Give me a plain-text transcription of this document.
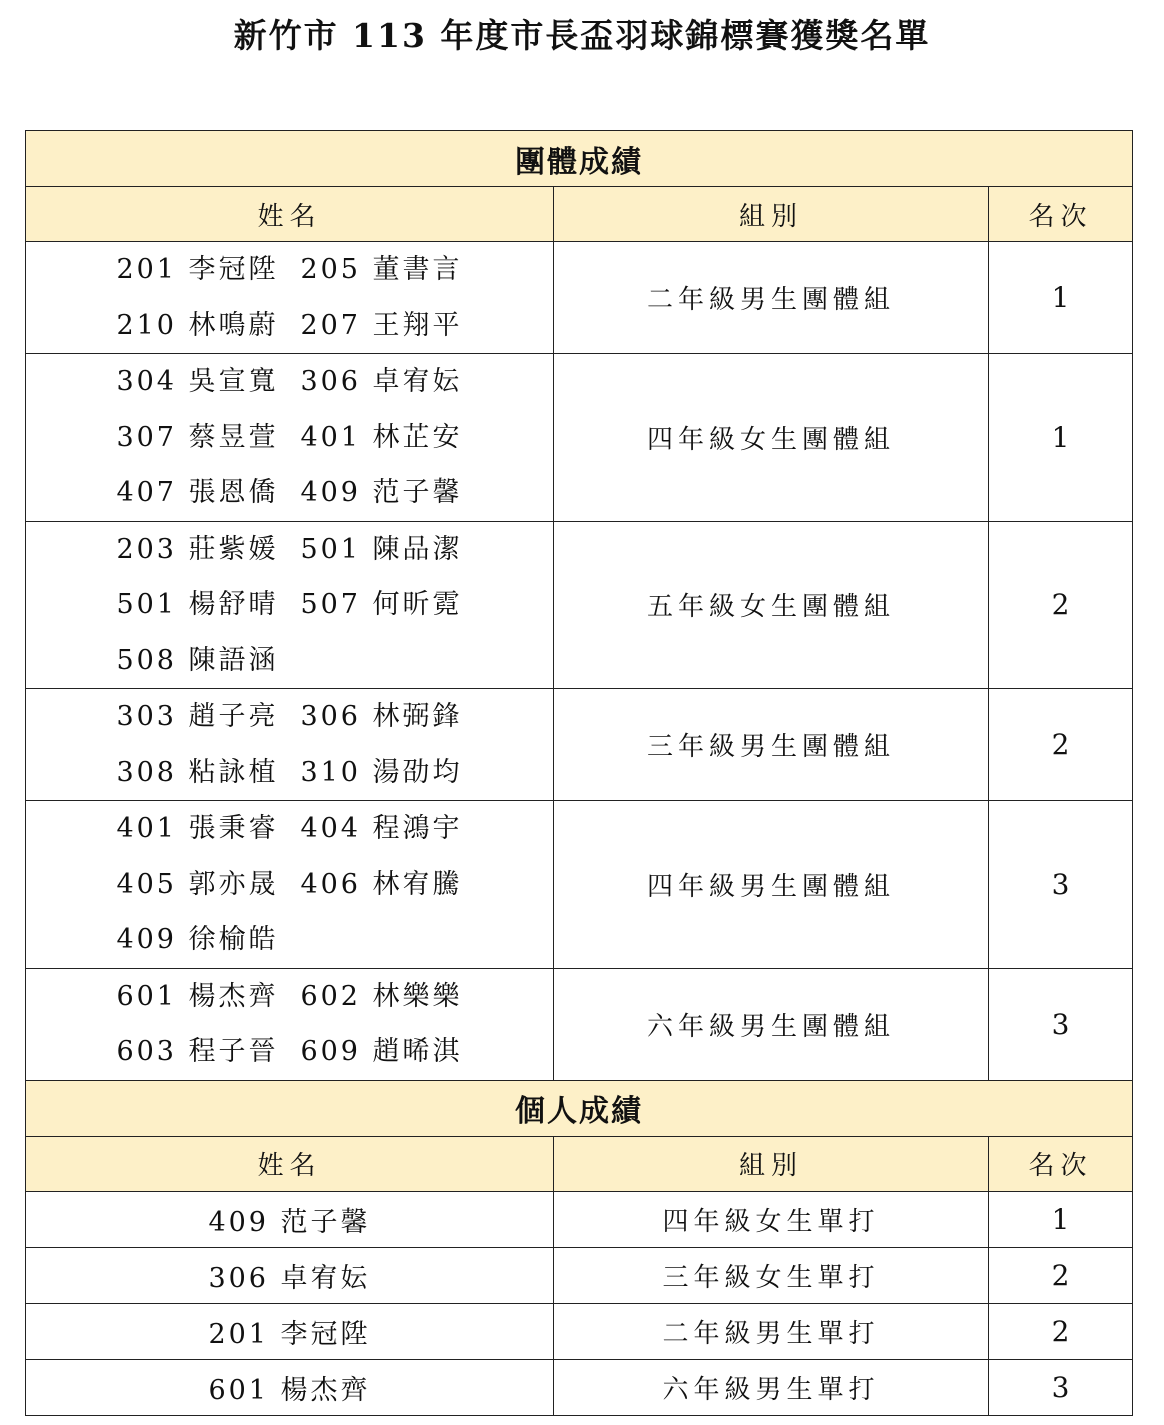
新竹市 113 年度市長盃羽球錦標賽獲獎名單
團體成績		
姓名	組別	名次

201 李冠陞 205 董書言
210 林鳴蔚 207 王翔平	二年級男生團體組	1

304 吳宣寬 306 卓宥妘
307 蔡昱萱 401 林芷安
407 張恩僑 409 范子馨	四年級女生團體組	1

203 莊紫媛 501 陳品潔
501 楊舒晴 507 何昕霓
508 陳語涵	五年級女生團體組	2

303 趙子亮 306 林弼鋒
308 粘詠植 310 湯劭均	三年級男生團體組	2

401 張秉睿 404 程鴻宇
405 郭亦晟 406 林宥騰
409 徐榆皓	四年級男生團體組	3

601 楊杰齊 602 林樂樂
603 程子晉 609 趙晞淇	六年級男生團體組	3
個人成績		
姓名	組別	名次
409 范子馨	四年級女生單打	1
306 卓宥妘	三年級女生單打	2
201 李冠陞	二年級男生單打	2
601 楊杰齊	六年級男生單打	3
